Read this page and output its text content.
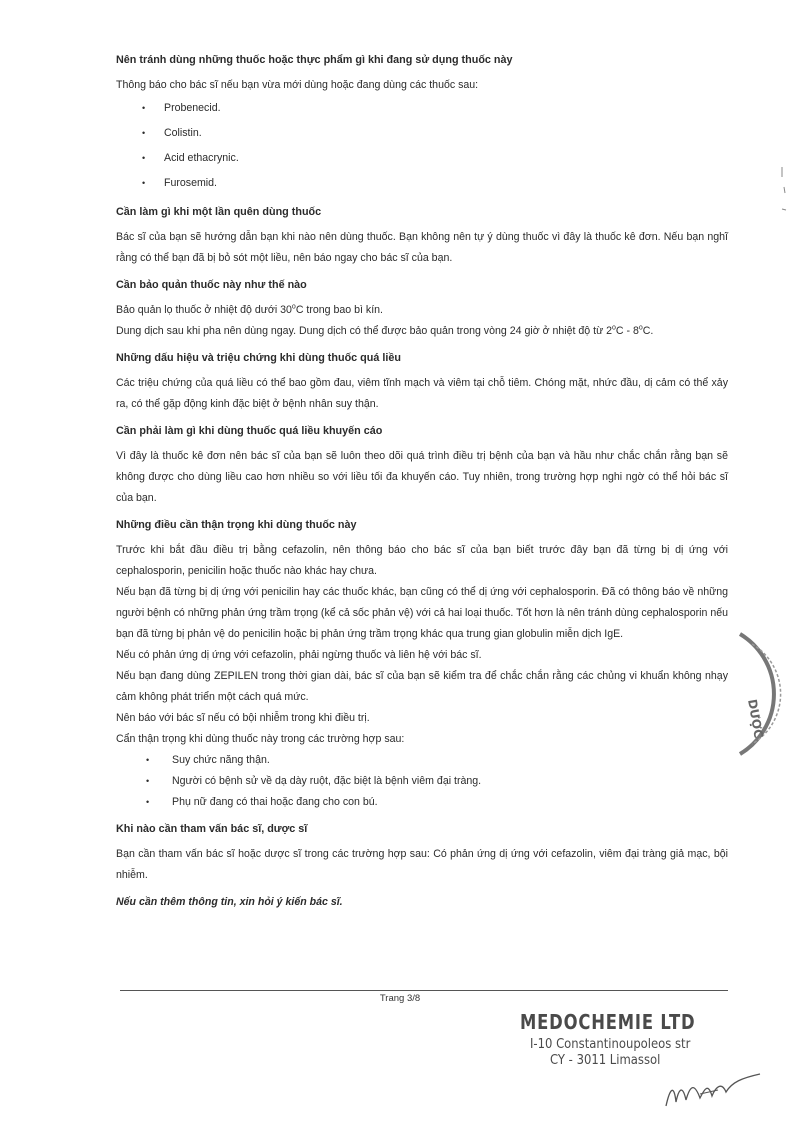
Nên tránh dùng những thuốc hoặc thực phẩm gì khi đang sử dụng thuốc này

Thông báo cho bác sĩ nếu bạn vừa mới dùng hoặc đang dùng các thuốc sau:

• Probenecid.
• Colistin.
• Acid ethacrynic.
• Furosemid.

Cần làm gì khi một lần quên dùng thuốc

Bác sĩ của bạn sẽ hướng dẫn bạn khi nào nên dùng thuốc. Bạn không nên tự ý dùng thuốc vì đây là thuốc kê đơn. Nếu bạn nghĩ rằng có thể bạn đã bị bỏ sót một liều, nên báo ngay cho bác sĩ của bạn.

Cần bảo quản thuốc này như thế nào

Bảo quản lọ thuốc ở nhiệt độ dưới 30$^o$C trong bao bì kín.

Dung dịch sau khi pha nên dùng ngay. Dung dịch có thể được bảo quản trong vòng 24 giờ ở nhiệt độ từ 2$^o$C - 8$^o$C.

Những dấu hiệu và triệu chứng khi dùng thuốc quá liều

Các triệu chứng của quá liều có thể bao gồm đau, viêm tĩnh mạch và viêm tại chỗ tiêm. Chóng mặt, nhức đầu, dị cảm có thể xảy ra, có thể gặp động kinh đặc biệt ở bệnh nhân suy thận.

Cần phải làm gì khi dùng thuốc quá liều khuyến cáo

Vì đây là thuốc kê đơn nên bác sĩ của bạn sẽ luôn theo dõi quá trình điều trị bệnh của bạn và hầu như chắc chắn rằng bạn sẽ không được cho dùng liều cao hơn nhiều so với liều tối đa khuyến cáo. Tuy nhiên, trong trường hợp nghi ngờ có thể hỏi bác sĩ của bạn.

Những điều cần thận trọng khi dùng thuốc này

Trước khi bắt đầu điều trị bằng cefazolin, nên thông báo cho bác sĩ của bạn biết trước đây bạn đã từng bị dị ứng với cephalosporin, penicilin hoặc thuốc nào khác hay chưa.

Nếu bạn đã từng bị dị ứng với penicilin hay các thuốc khác, bạn cũng có thể dị ứng với cephalosporin. Đã có thông báo về những người bệnh có những phản ứng trầm trọng (kể cả sốc phản vệ) với cả hai loại thuốc. Tốt hơn là nên tránh dùng cephalosporin nếu bạn đã từng bị phản vệ do penicilin hoặc bị phản ứng trầm trọng khác qua trung gian globulin miễn dịch IgE.

Nếu có phản ứng dị ứng với cefazolin, phải ngừng thuốc và liên hệ với bác sĩ.

Nếu bạn đang dùng ZEPILEN trong thời gian dài, bác sĩ của bạn sẽ kiểm tra để chắc chắn rằng các chủng vi khuẩn không nhạy cảm không phát triển một cách quá mức.

Nên báo với bác sĩ nếu có bội nhiễm trong khi điều trị.

Cẩn thận trọng khi dùng thuốc này trong các trường hợp sau:

• Suy chức năng thận.
• Người có bệnh sử về dạ dày ruột, đặc biệt là bệnh viêm đại tràng.
• Phụ nữ đang có thai hoặc đang cho con bú.

Khi nào cần tham vấn bác sĩ, dược sĩ

Bạn cần tham vấn bác sĩ hoặc dược sĩ trong các trường hợp sau: Có phản ứng dị ứng với cefazolin, viêm đại tràng giả mạc, bội nhiễm.

Nếu cần thêm thông tin, xin hỏi ý kiến bác sĩ.

Trang 3/8
MEDOCHEMIE LTD
I-10 Constantinoupoleos str
CY - 3011 Limassol
DƯỢC
